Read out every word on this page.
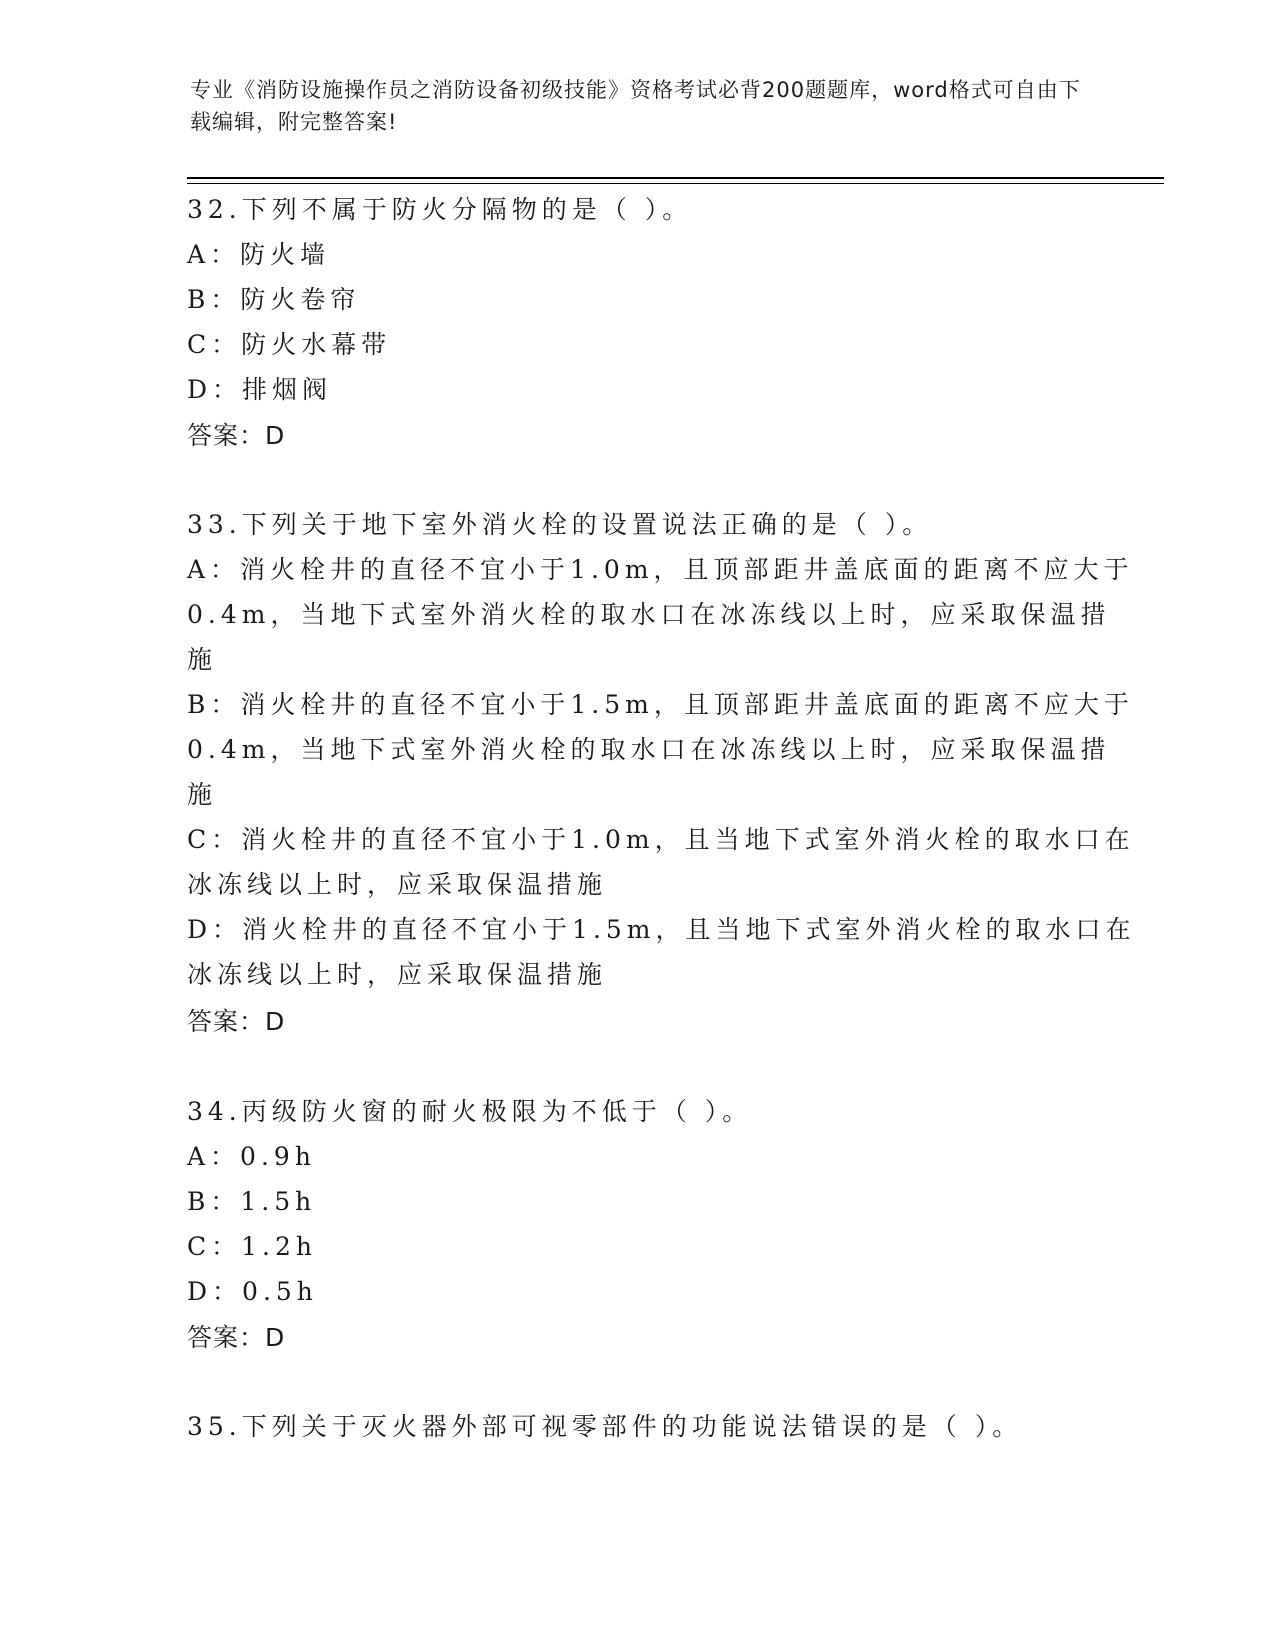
专业《消防设施操作员之消防设备初级技能》资格考试必背200题题库，word格式可自由下载编辑，附完整答案!
32.下列不属于防火分隔物的是（ ）。
A：防火墙
B：防火卷帘
C：防火水幕带
D：排烟阀
答案：D
33.下列关于地下室外消火栓的设置说法正确的是（ ）。
A：消火栓井的直径不宜小于1.0m，且顶部距井盖底面的距离不应大于
0.4m，当地下式室外消火栓的取水口在冰冻线以上时，应采取保温措
施
B：消火栓井的直径不宜小于1.5m，且顶部距井盖底面的距离不应大于
0.4m，当地下式室外消火栓的取水口在冰冻线以上时，应采取保温措
施
C：消火栓井的直径不宜小于1.0m，且当地下式室外消火栓的取水口在
冰冻线以上时，应采取保温措施
D：消火栓井的直径不宜小于1.5m，且当地下式室外消火栓的取水口在
冰冻线以上时，应采取保温措施
答案：D
34.丙级防火窗的耐火极限为不低于（ ）。
A：0.9h
B：1.5h
C：1.2h
D：0.5h
答案：D
35.下列关于灭火器外部可视零部件的功能说法错误的是（ ）。
